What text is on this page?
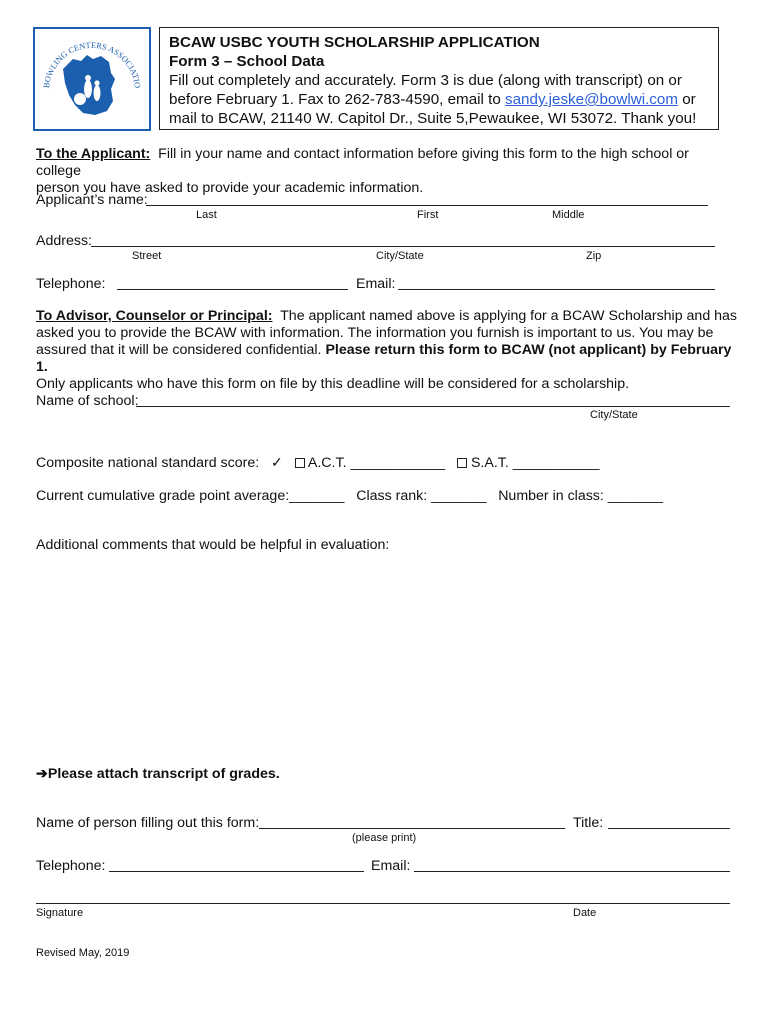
BOWLING CENTERS ASSOCIATIO
BCAW USBC YOUTH SCHOLARSHIP APPLICATION
Form 3 – School Data
Fill out completely and accurately. Form 3 is due (along with transcript) on or
before February 1. Fax to 262-783-4590, email to sandy.jeske@bowlwi.com or
mail to BCAW, 21140 W. Capitol Dr., Suite 5,Pewaukee, WI 53072. Thank you!
To the Applicant: Fill in your name and contact information before giving this form to the high school or college
person you have asked to provide your academic information.
Applicant’s name:
Last	First	Middle
Address:
Street	City/State	Zip
Telephone:	Email:
To Advisor, Counselor or Principal: The applicant named above is applying for a BCAW Scholarship and has
asked you to provide the BCAW with information. The information you furnish is important to us. You may be
assured that it will be considered confidential. Please return this form to BCAW (not applicant) by February 1.
Only applicants who have this form on file by this deadline will be considered for a scholarship.
Name of school:
City/State
Composite national standard score: ✓ A.C.T. ____________ S.A.T. ___________
Current cumulative grade point average:_______ Class rank: _______ Number in class: _______
Additional comments that would be helpful in evaluation:
➔Please attach transcript of grades.
Name of person filling out this form:
(please print)
Title:
Telephone:	Email:
Signature	Date
Revised May, 2019
